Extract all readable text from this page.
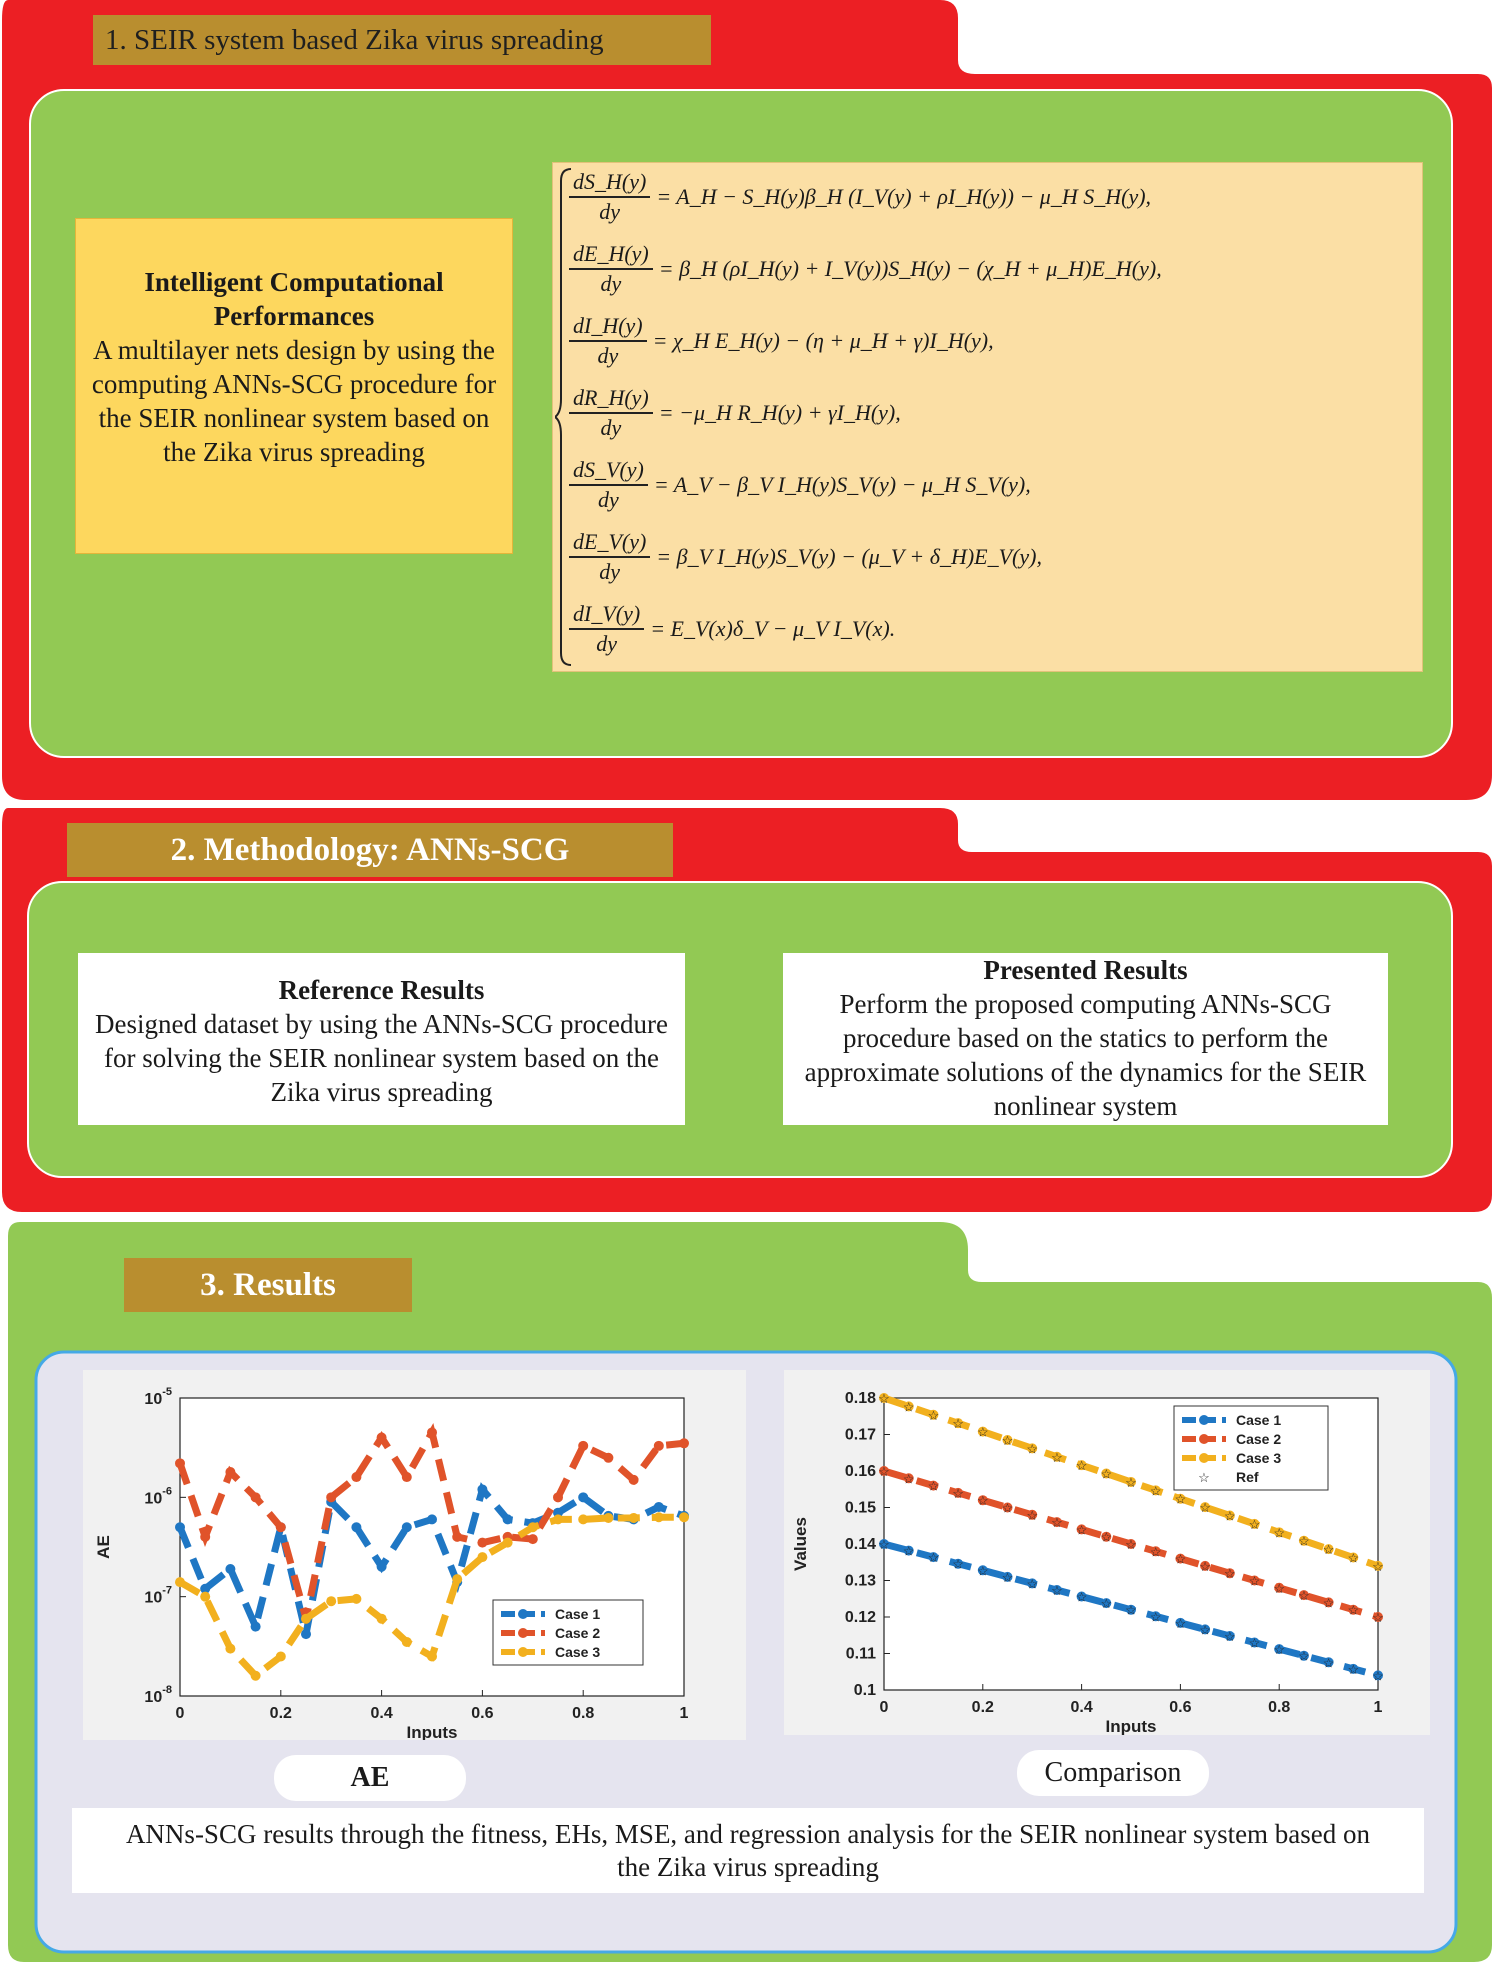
1. SEIR system based Zika virus spreading
2. Methodology: ANNs-SCG
3. Results
Intelligent Computational
Performances
A multilayer nets design by using the computing ANNs-SCG procedure for the SEIR nonlinear system based on the Zika virus spreading
$\frac{dS\_H(y)}{dy}$ = A_H − S_H(y)β_H (I_V(y) + ρI_H(y)) − μ_H S_H(y),
$\frac{dE\_H(y)}{dy}$ = β_H (ρI_H(y) + I_V(y))S_H(y) − (χ_H + μ_H)E_H(y),
$\frac{dI\_H(y)}{dy}$ = χ_H E_H(y) − (η + μ_H + γ)I_H(y),
$\frac{dR\_H(y)}{dy}$ = −μ_H R_H(y) + γI_H(y),
$\frac{dS\_V(y)}{dy}$ = A_V − β_V I_H(y)S_V(y) − μ_H S_V(y),
$\frac{dE\_V(y)}{dy}$ = β_V I_H(y)S_V(y) − (μ_V + δ_H)E_V(y),
$\frac{dI\_V(y)}{dy}$ = E_V(x)δ_V − μ_V I_V(x).
Reference Results
Designed dataset by using the ANNs-SCG procedure for solving the SEIR nonlinear system based on the Zika virus spreading
Presented Results
Perform the proposed computing ANNs-SCG procedure based on the statics to perform the approximate solutions of the dynamics for the SEIR nonlinear system
0	0.2	0.4	0.6	0.8	1
$10^{-8}$
$10^{-7}$
$10^{-6}$
$10^{-5}$
Inputs
AE
Case 1
Case 2
Case 3
0	0.2	0.4	0.6	0.8	1
0.1
0.11
0.12
0.13
0.14
0.15
0.16
0.17
0.18
Inputs
Values	☆ ☆ ☆ ☆ ☆ ☆ ☆ ☆ ☆ ☆ ☆ ☆ ☆ ☆ ☆ ☆ ☆ ☆ ☆ ☆ ☆
☆ ☆ ☆ ☆ ☆ ☆ ☆ ☆ ☆ ☆ ☆ ☆ ☆ ☆ ☆ ☆ ☆ ☆ ☆ ☆ ☆
☆
☆
☆
☆
☆
☆
☆
☆
☆
☆
☆
☆
☆
☆
☆
☆
☆
☆
☆
☆
☆
Case 1
Case 2
Case 3
☆ Ref
AE	Comparison
ANNs-SCG results through the fitness, EHs, MSE, and regression analysis for the SEIR nonlinear system based on the Zika virus spreading
